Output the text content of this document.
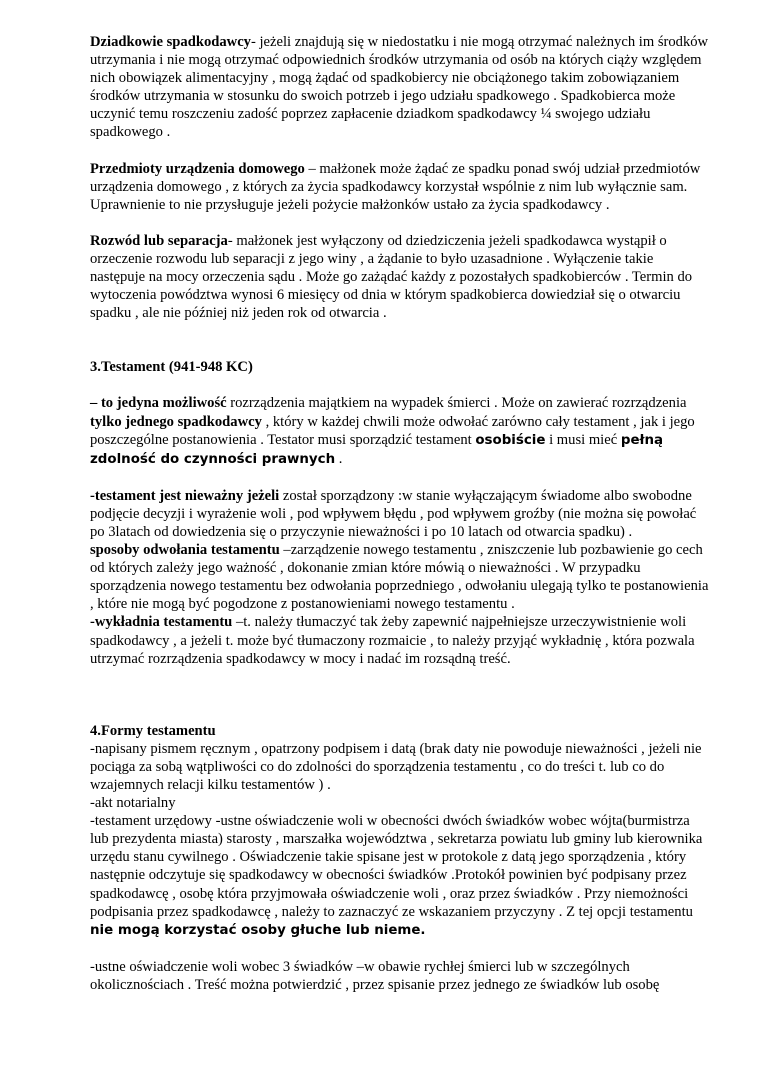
Dziadkowie spadkodawcy- jeżeli znajdują się w niedostatku i nie mogą otrzymać należnych im środków utrzymania i nie mogą otrzymać odpowiednich środków utrzymania od osób na których ciąży względem nich obowiązek alimentacyjny , mogą żądać od spadkobiercy nie obciążonego takim zobowiązaniem środków utrzymania w stosunku do swoich potrzeb i jego udziału spadkowego . Spadkobierca może uczynić temu roszczeniu zadość poprzez zapłacenie dziadkom spadkodawcy ¼ swojego udziału spadkowego .

Przedmioty urządzenia domowego – małżonek może żądać ze spadku ponad swój udział przedmiotów urządzenia domowego , z których za życia spadkodawcy korzystał wspólnie z nim lub wyłącznie sam. Uprawnienie to nie przysługuje jeżeli pożycie małżonków ustało za życia spadkodawcy .

Rozwód lub separacja- małżonek jest wyłączony od dziedziczenia jeżeli spadkodawca wystąpił o orzeczenie rozwodu lub separacji z jego winy , a żądanie to było uzasadnione . Wyłączenie takie następuje na mocy orzeczenia sądu . Może go zażądać każdy z pozostałych spadkobierców . Termin do wytoczenia powództwa wynosi 6 miesięcy od dnia w którym spadkobierca dowiedział się o otwarciu spadku , ale nie później niż jeden rok od otwarcia .

3.Testament (941-948 KC)

– to jedyna możliwość rozrządzenia majątkiem na wypadek śmierci . Może on zawierać rozrządzenia tylko jednego spadkodawcy , który w każdej chwili może odwołać zarówno cały testament , jak i jego poszczególne postanowienia . Testator musi sporządzić testament osobiście i musi mieć pełną zdolność do czynności prawnych .

-testament jest nieważny jeżeli został sporządzony :w stanie wyłączającym świadome albo swobodne podjęcie decyzji i wyrażenie woli , pod wpływem błędu , pod wpływem groźby (nie można się powołać po 3latach od dowiedzenia się o przyczynie nieważności i po 10 latach od otwarcia spadku) .

sposoby odwołania testamentu –zarządzenie nowego testamentu , zniszczenie lub pozbawienie go cech od których zależy jego ważność , dokonanie zmian które mówią o nieważności . W przypadku sporządzenia nowego testamentu bez odwołania poprzedniego , odwołaniu ulegają tylko te postanowienia , które nie mogą być pogodzone z postanowieniami nowego testamentu .

-wykładnia testamentu –t. należy tłumaczyć tak żeby zapewnić najpełniejsze urzeczywistnienie woli spadkodawcy , a jeżeli t. może być tłumaczony rozmaicie , to należy przyjąć wykładnię , która pozwala utrzymać rozrządzenia spadkodawcy w mocy i nadać im rozsądną treść.

4.Formy testamentu

-napisany pismem ręcznym , opatrzony podpisem i datą (brak daty nie powoduje nieważności , jeżeli nie pociąga za sobą wątpliwości co do zdolności do sporządzenia testamentu , co do treści t. lub co do wzajemnych relacji kilku testamentów ) .

-akt notarialny

-testament urzędowy -ustne oświadczenie woli w obecności dwóch świadków wobec wójta(burmistrza lub prezydenta miasta) starosty , marszałka województwa , sekretarza powiatu lub gminy lub kierownika urzędu stanu cywilnego . Oświadczenie takie spisane jest w protokole z datą jego sporządzenia , który następnie odczytuje się spadkodawcy w obecności świadków .Protokół powinien być podpisany przez spadkodawcę , osobę która przyjmowała oświadczenie woli , oraz przez świadków . Przy niemożności podpisania przez spadkodawcę , należy to zaznaczyć ze wskazaniem przyczyny . Z tej opcji testamentu nie mogą korzystać osoby głuche lub nieme.

-ustne oświadczenie woli wobec 3 świadków –w obawie rychłej śmierci lub w szczególnych okolicznościach . Treść można potwierdzić , przez spisanie przez jednego ze świadków lub osobę
